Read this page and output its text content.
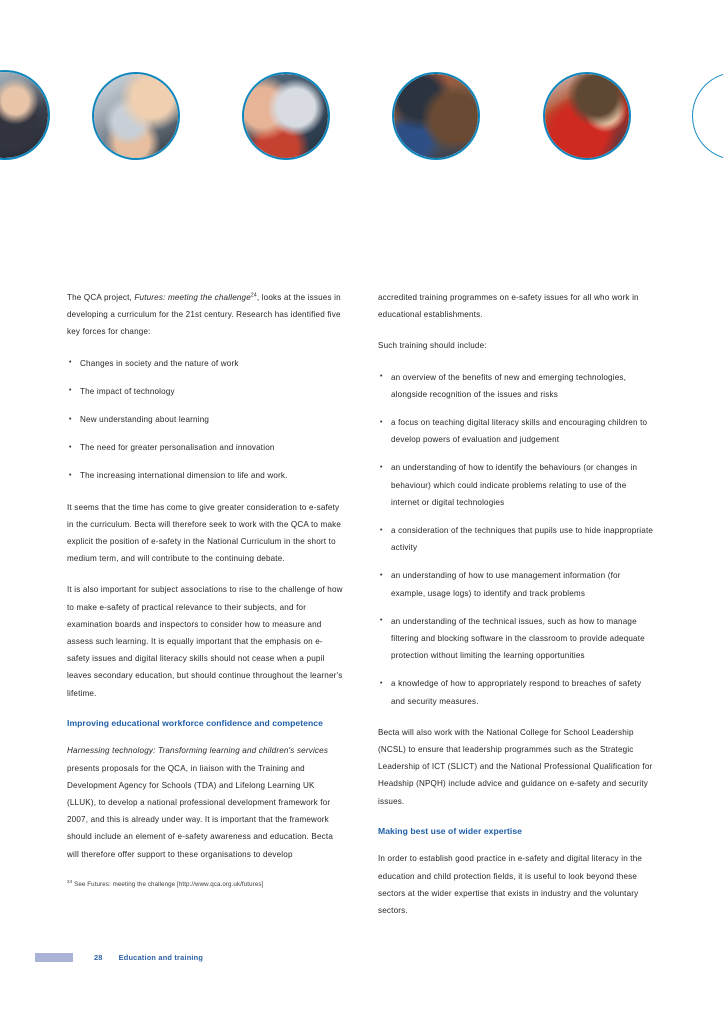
The QCA project, Futures: meeting the challenge$^{24}$, looks at the issues in developing a curriculum for the 21st century. Research has identified five key forces for change:

• Changes in society and the nature of work
• The impact of technology
• New understanding about learning
• The need for greater personalisation and innovation
• The increasing international dimension to life and work.

It seems that the time has come to give greater consideration to e-safety in the curriculum. Becta will therefore seek to work with the QCA to make explicit the position of e-safety in the National Curriculum in the short to medium term, and will contribute to the continuing debate.

It is also important for subject associations to rise to the challenge of how to make e-safety of practical relevance to their subjects, and for examination boards and inspectors to consider how to measure and assess such learning. It is equally important that the emphasis on e-safety issues and digital literacy skills should not cease when a pupil leaves secondary education, but should continue throughout the learner's lifetime.

Improving educational workforce confidence and competence

Harnessing technology: Transforming learning and children's services presents proposals for the QCA, in liaison with the Training and Development Agency for Schools (TDA) and Lifelong Learning UK (LLUK), to develop a national professional development framework for 2007, and this is already under way. It is important that the framework should include an element of e-safety awareness and education. Becta will therefore offer support to these organisations to develop

accredited training programmes on e-safety issues for all who work in educational establishments.

Such training should include:

• an overview of the benefits of new and emerging technologies, alongside recognition of the issues and risks
• a focus on teaching digital literacy skills and encouraging children to develop powers of evaluation and judgement
• an understanding of how to identify the behaviours (or changes in behaviour) which could indicate problems relating to use of the internet or digital technologies
• a consideration of the techniques that pupils use to hide inappropriate activity
• an understanding of how to use management information (for example, usage logs) to identify and track problems
• an understanding of the technical issues, such as how to manage filtering and blocking software in the classroom to provide adequate protection without limiting the learning opportunities
• a knowledge of how to appropriately respond to breaches of safety and security measures.

Becta will also work with the National College for School Leadership (NCSL) to ensure that leadership programmes such as the Strategic Leadership of ICT (SLICT) and the National Professional Qualification for Headship (NPQH) include advice and guidance on e-safety and security issues.

Making best use of wider expertise

In order to establish good practice in e-safety and digital literacy in the education and child protection fields, it is useful to look beyond these sectors at the wider expertise that exists in industry and the voluntary sectors.

$^{24}$ See Futures: meeting the challenge [http://www.qca.org.uk/futures]
28 Education and training
